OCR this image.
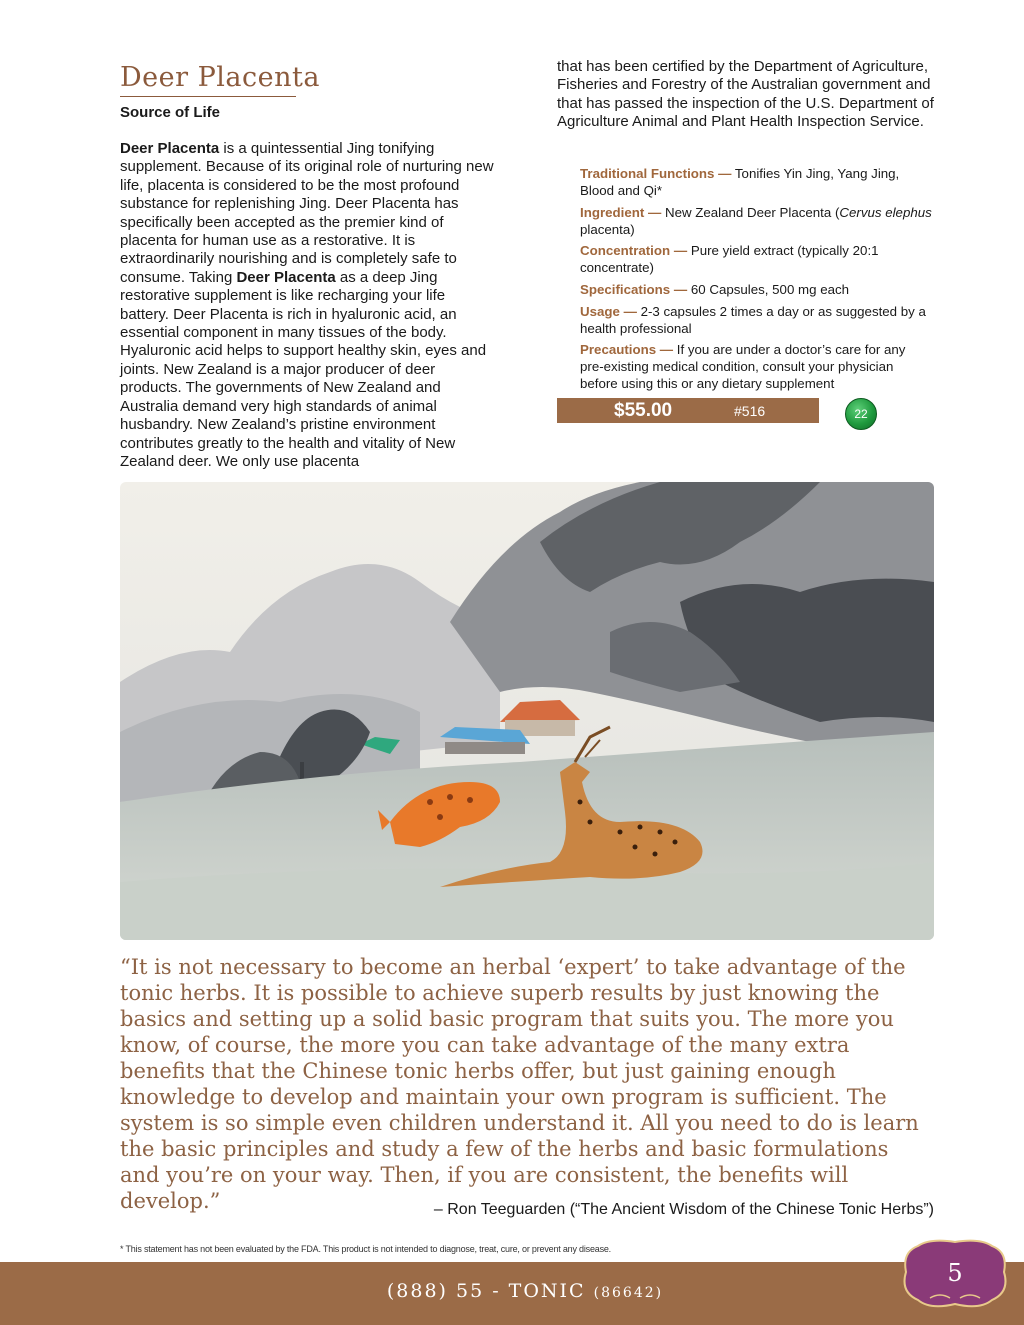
Deer Placenta
Source of Life
Deer Placenta is a quintessential Jing tonifying supplement. Because of its original role of nurturing new life, placenta is considered to be the most profound substance for replenishing Jing. Deer Placenta has specifically been accepted as the premier kind of placenta for human use as a restorative. It is extraordinarily nourishing and is completely safe to consume. Taking Deer Placenta as a deep Jing restorative supplement is like recharging your life battery. Deer Placenta is rich in hyaluronic acid, an essential component in many tissues of the body. Hyaluronic acid helps to support healthy skin, eyes and joints. New Zealand is a major producer of deer products. The governments of New Zealand and Australia demand very high standards of animal husbandry. New Zealand’s pristine environment contributes greatly to the health and vitality of New Zealand deer. We only use placenta
that has been certified by the Department of Agriculture, Fisheries and Forestry of the Australian government and that has passed the inspection of the U.S. Department of Agriculture Animal and Plant Health Inspection Service.
Traditional Functions — Tonifies Yin Jing, Yang Jing, Blood and Qi*
Ingredient — New Zealand Deer Placenta (Cervus elephus placenta)
Concentration — Pure yield extract (typically 20:1 concentrate)
Specifications — 60 Capsules, 500 mg each
Usage — 2-3 capsules 2 times a day or as suggested by a health professional
Precautions — If you are under a doctor’s care for any pre-existing medical condition, consult your physician before using this or any dietary supplement
$55.00	#516	22
“It is not necessary to become an herbal ‘expert’ to take advantage of the tonic herbs. It is possible to achieve superb results by just knowing the basics and setting up a solid basic program that suits you. The more you know, of course, the more you can take advantage of the many extra benefits that the Chinese tonic herbs offer, but just gaining enough knowledge to develop and maintain your own program is sufficient. The system is so simple even children understand it. All you need to do is learn the basic principles and study a few of the herbs and basic formulations and you’re on your way. Then, if you are consistent, the benefits will develop.”	– Ron Teeguarden (“The Ancient Wisdom of the Chinese Tonic Herbs”)
* This statement has not been evaluated by the FDA. This product is not intended to diagnose, treat, cure, or prevent any disease.
(888) 55 - TONIC (86642)
5
